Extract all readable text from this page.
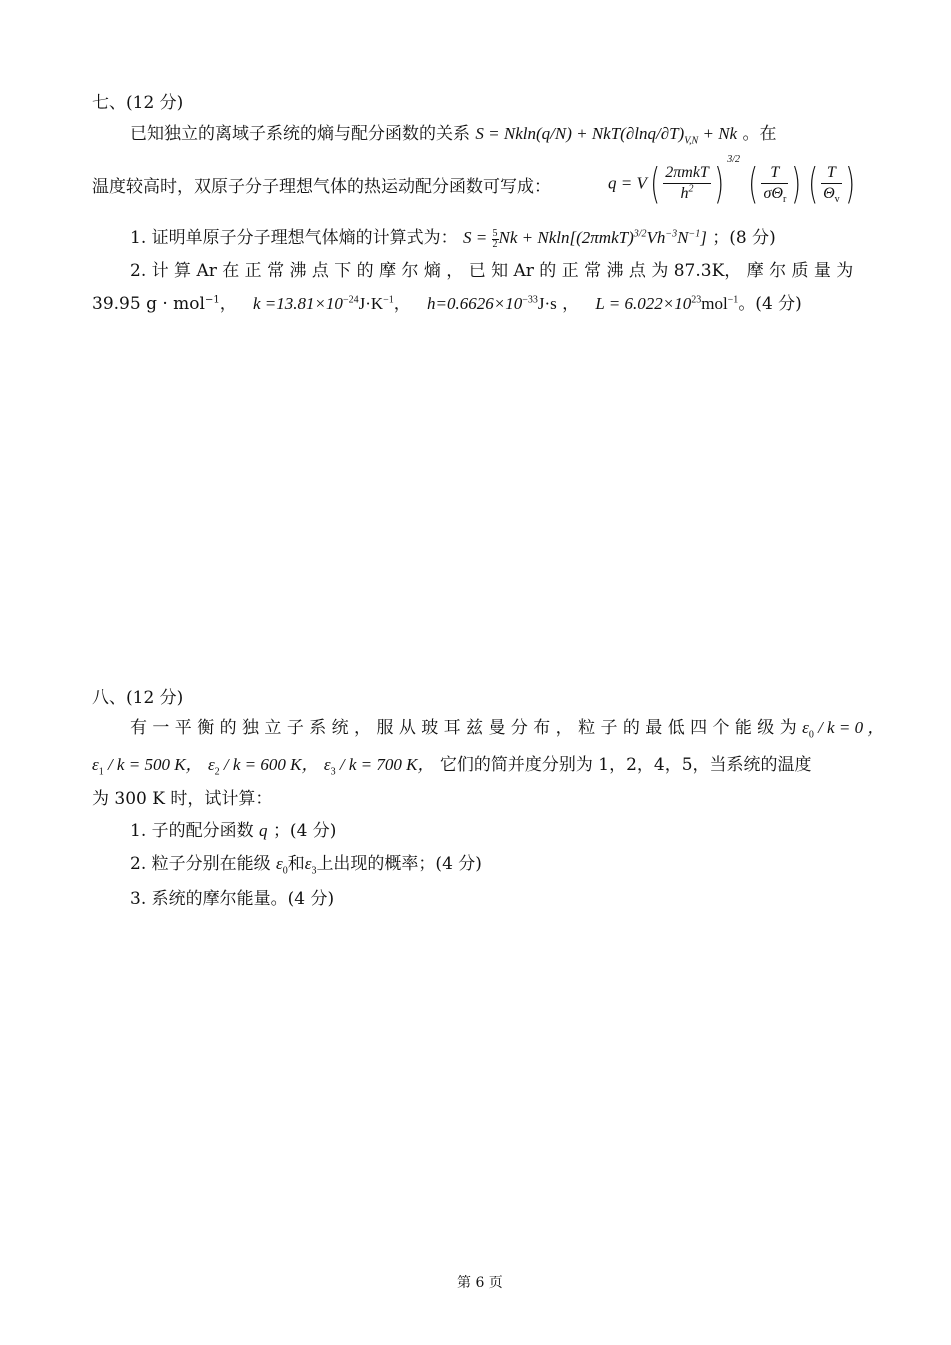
七、(12 分)
已知独立的离域子系统的熵与配分函数的关系 $S = Nkln(q/N) + NkT(\partial\ln q/\partial T)_{V,N} + Nk$ 。在
温度较高时，双原子分子理想气体的热运动配分函数可写成：	$q = V( \frac{\text{2πmkT}}{h^2}$ ) $^{3/2}$ ( $\frac{T}{\sigma\Theta_r}$ ) ( $\frac{T}{\Theta_v}$ )
1. 证明单原子分子理想气体熵的计算式为： $S = \frac{5}{2}$ $Nk + Nkln[(2\pi mkT)^{3/2}Vh^{-3}N^{-1}]$ ；(8 分)
2. 计 算 Ar 在 正 常 沸 点 下 的 摩 尔 熵 ， 已 知 Ar 的 正 常 沸 点 为 87.3K， 摩 尔 质 量 为
39.95 g · mol$^{-1}$，   $k =13.81\times 10^{-24}J\cdot K^{-1}$，   $h=0.6626\times 10^{-33}J\cdot s$ ，   $L = 6.022\times 10^{23}mol^{-1}$。(4 分)
八、(12 分)
有 一 平 衡 的 独 立 子 系 统 ， 服 从 玻 耳 兹 曼 分 布 ， 粒 子 的 最 低 四 个 能 级 为 $\varepsilon_0 / k = 0$ ，
$\varepsilon_1 / k = 500$ K， $\varepsilon_2 / k = 600$ K， $\varepsilon_3 / k = 700$ K， 它们的简并度分别为 1，2，4，5，当系统的温度
为 300 K 时，试计算：
1. 子的配分函数 q ；(4 分)
2. 粒子分别在能级 $\varepsilon_0$和$\varepsilon_3$上出现的概率；(4 分)
3. 系统的摩尔能量。(4 分)
第 6 页
